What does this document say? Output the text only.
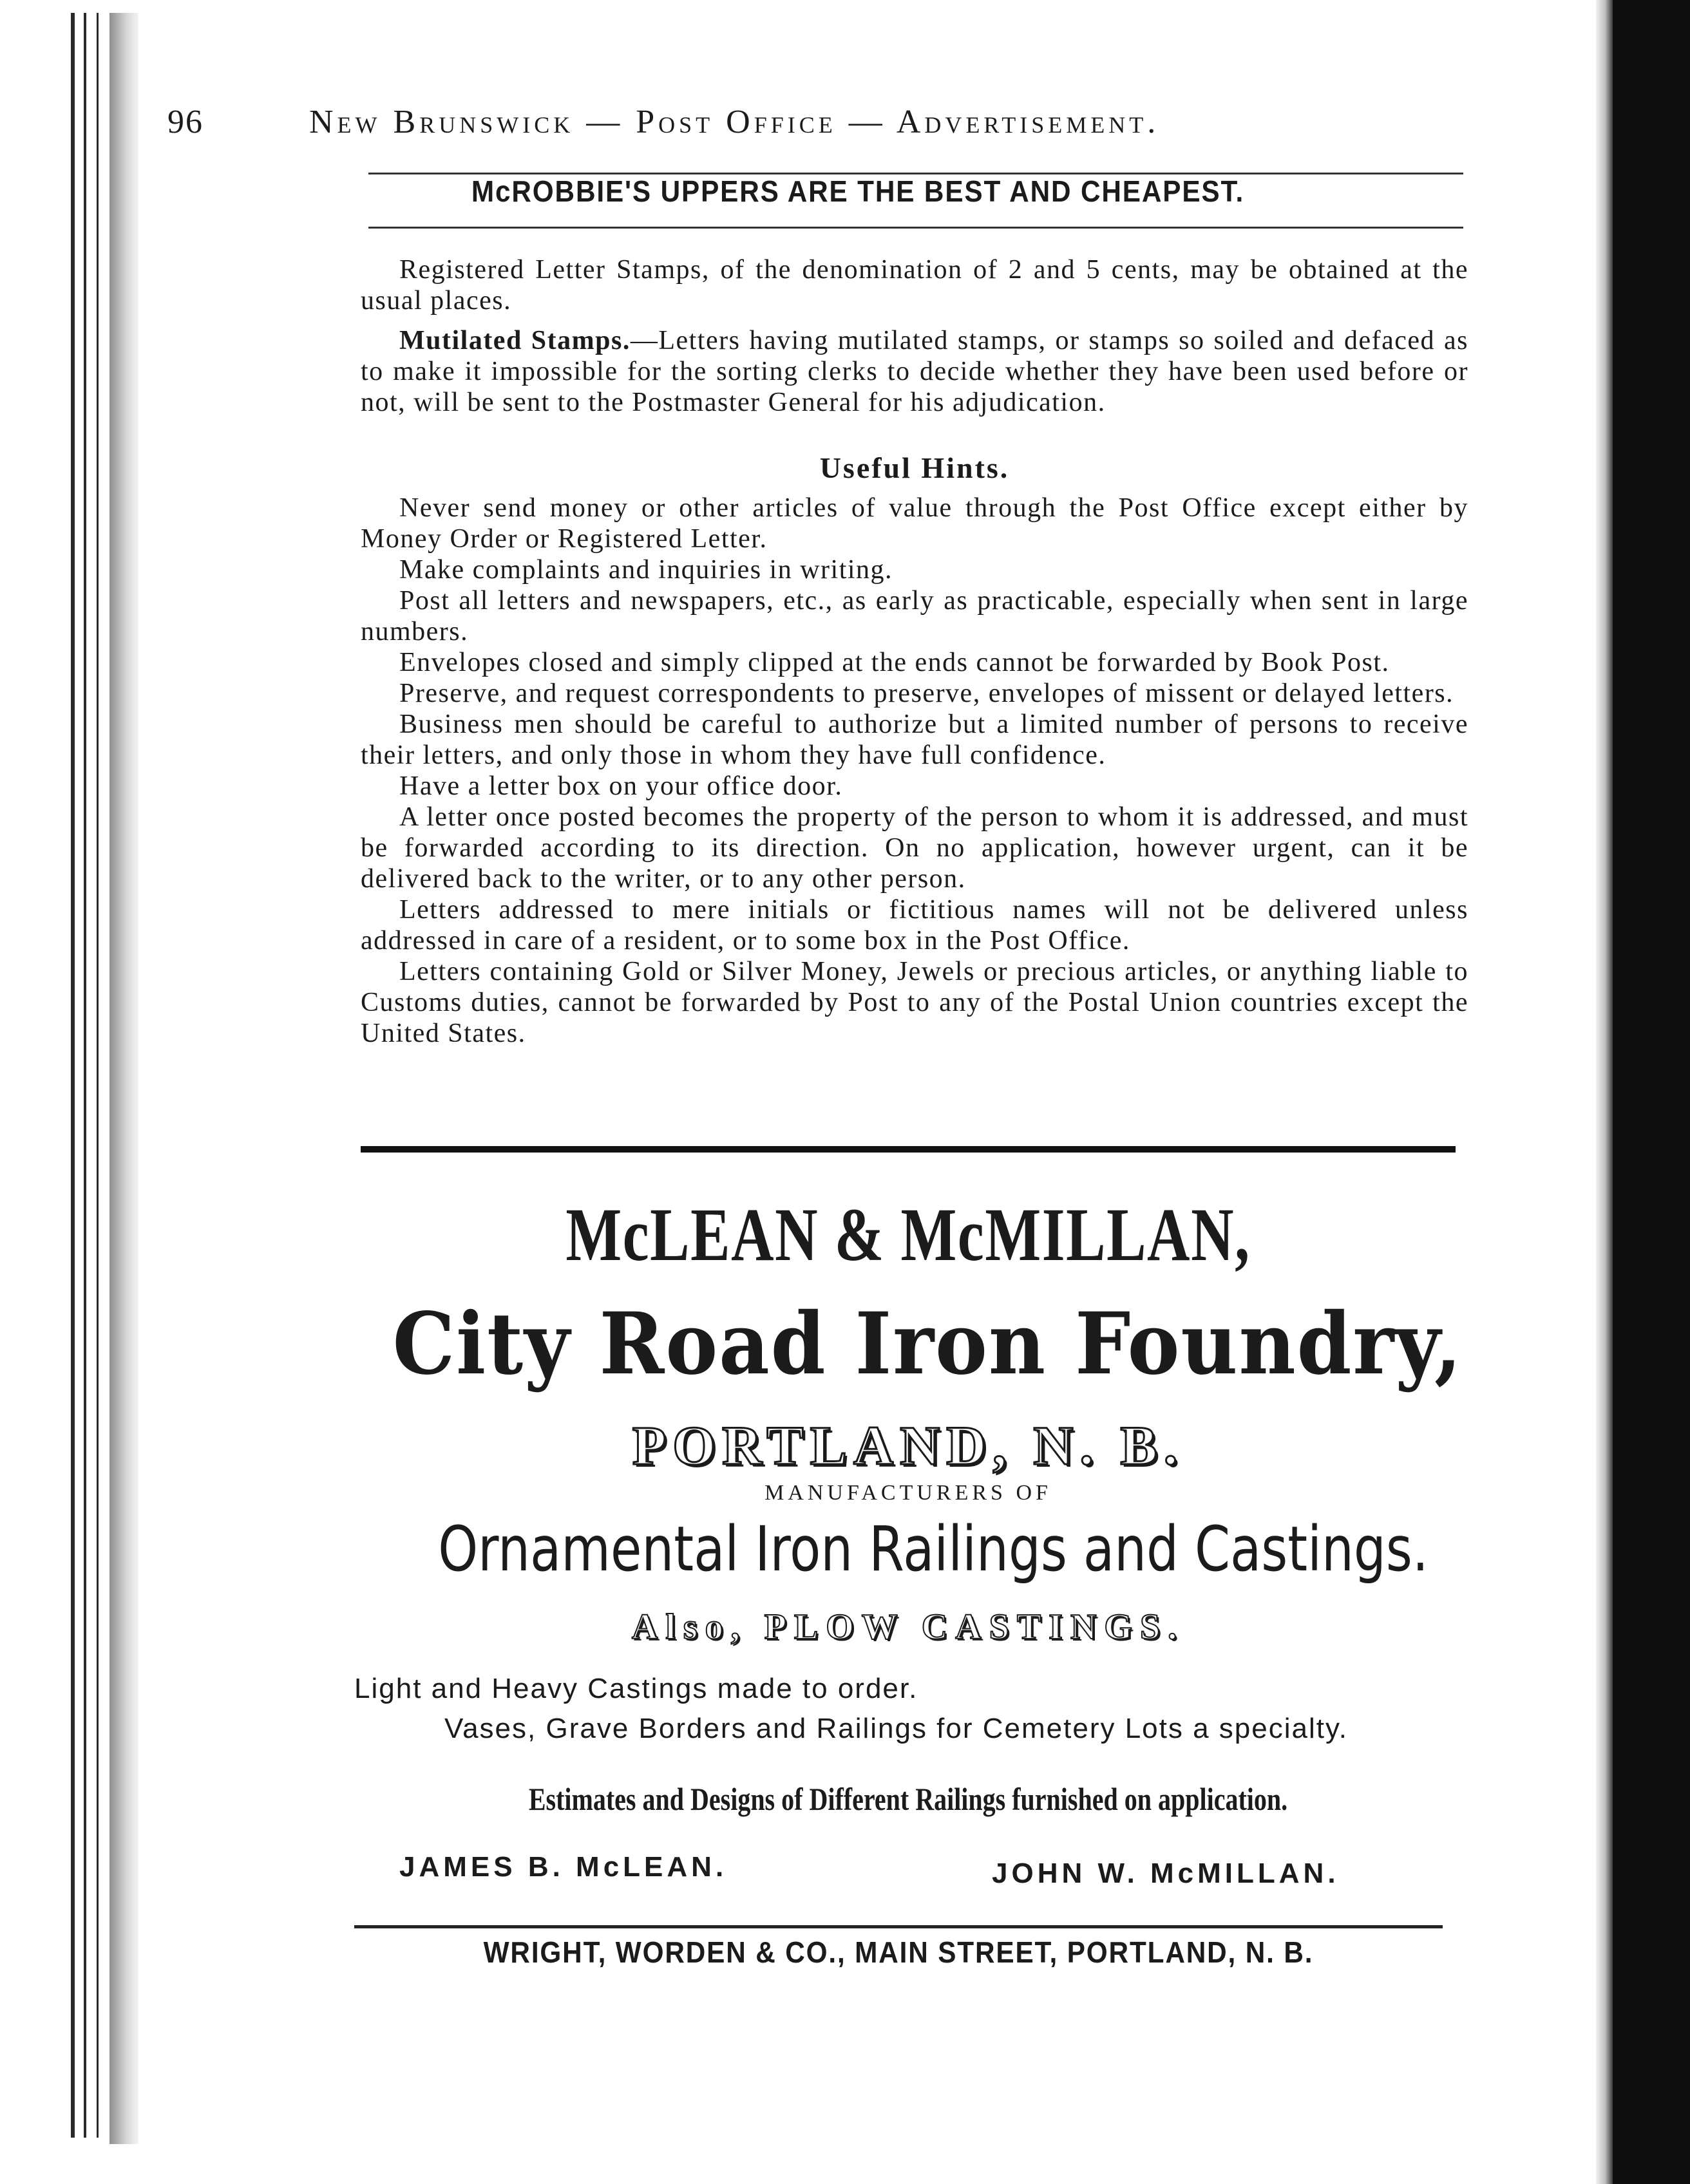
96	New Brunswick — Post Office — Advertisement.
McROBBIE'S UPPERS ARE THE BEST AND CHEAPEST.

Registered Letter Stamps, of the denomination of 2 and 5 cents, may be obtained at the usual places.

Mutilated Stamps.—Letters having mutilated stamps, or stamps so soiled and defaced as to make it impossible for the sorting clerks to decide whether they have been used before or not, will be sent to the Postmaster General for his adjudication.

Useful Hints.

Never send money or other articles of value through the Post Office except either by Money Order or Registered Letter.

Make complaints and inquiries in writing.

Post all letters and newspapers, etc., as early as practicable, especially when sent in large numbers.

Envelopes closed and simply clipped at the ends cannot be forwarded by Book Post.

Preserve, and request correspondents to preserve, envelopes of missent or delayed letters.

Business men should be careful to authorize but a limited number of persons to receive their letters, and only those in whom they have full confidence.

Have a letter box on your office door.

A letter once posted becomes the property of the person to whom it is addressed, and must be forwarded according to its direction. On no application, however urgent, can it be delivered back to the writer, or to any other person.

Letters addressed to mere initials or fictitious names will not be delivered unless addressed in care of a resident, or to some box in the Post Office.

Letters containing Gold or Silver Money, Jewels or precious articles, or anything liable to Customs duties, cannot be forwarded by Post to any of the Postal Union countries except the United States.

McLEAN & McMILLAN,
City Road Iron Foundry,
PORTLAND, N. B.
MANUFACTURERS OF
Ornamental Iron Railings and Castings.
Also, PLOW CASTINGS.
Light and Heavy Castings made to order.
Vases, Grave Borders and Railings for Cemetery Lots a specialty.
Estimates and Designs of Different Railings furnished on application.
JAMES B. McLEAN.	JOHN W. McMILLAN.
WRIGHT, WORDEN & CO., MAIN STREET, PORTLAND, N. B.
